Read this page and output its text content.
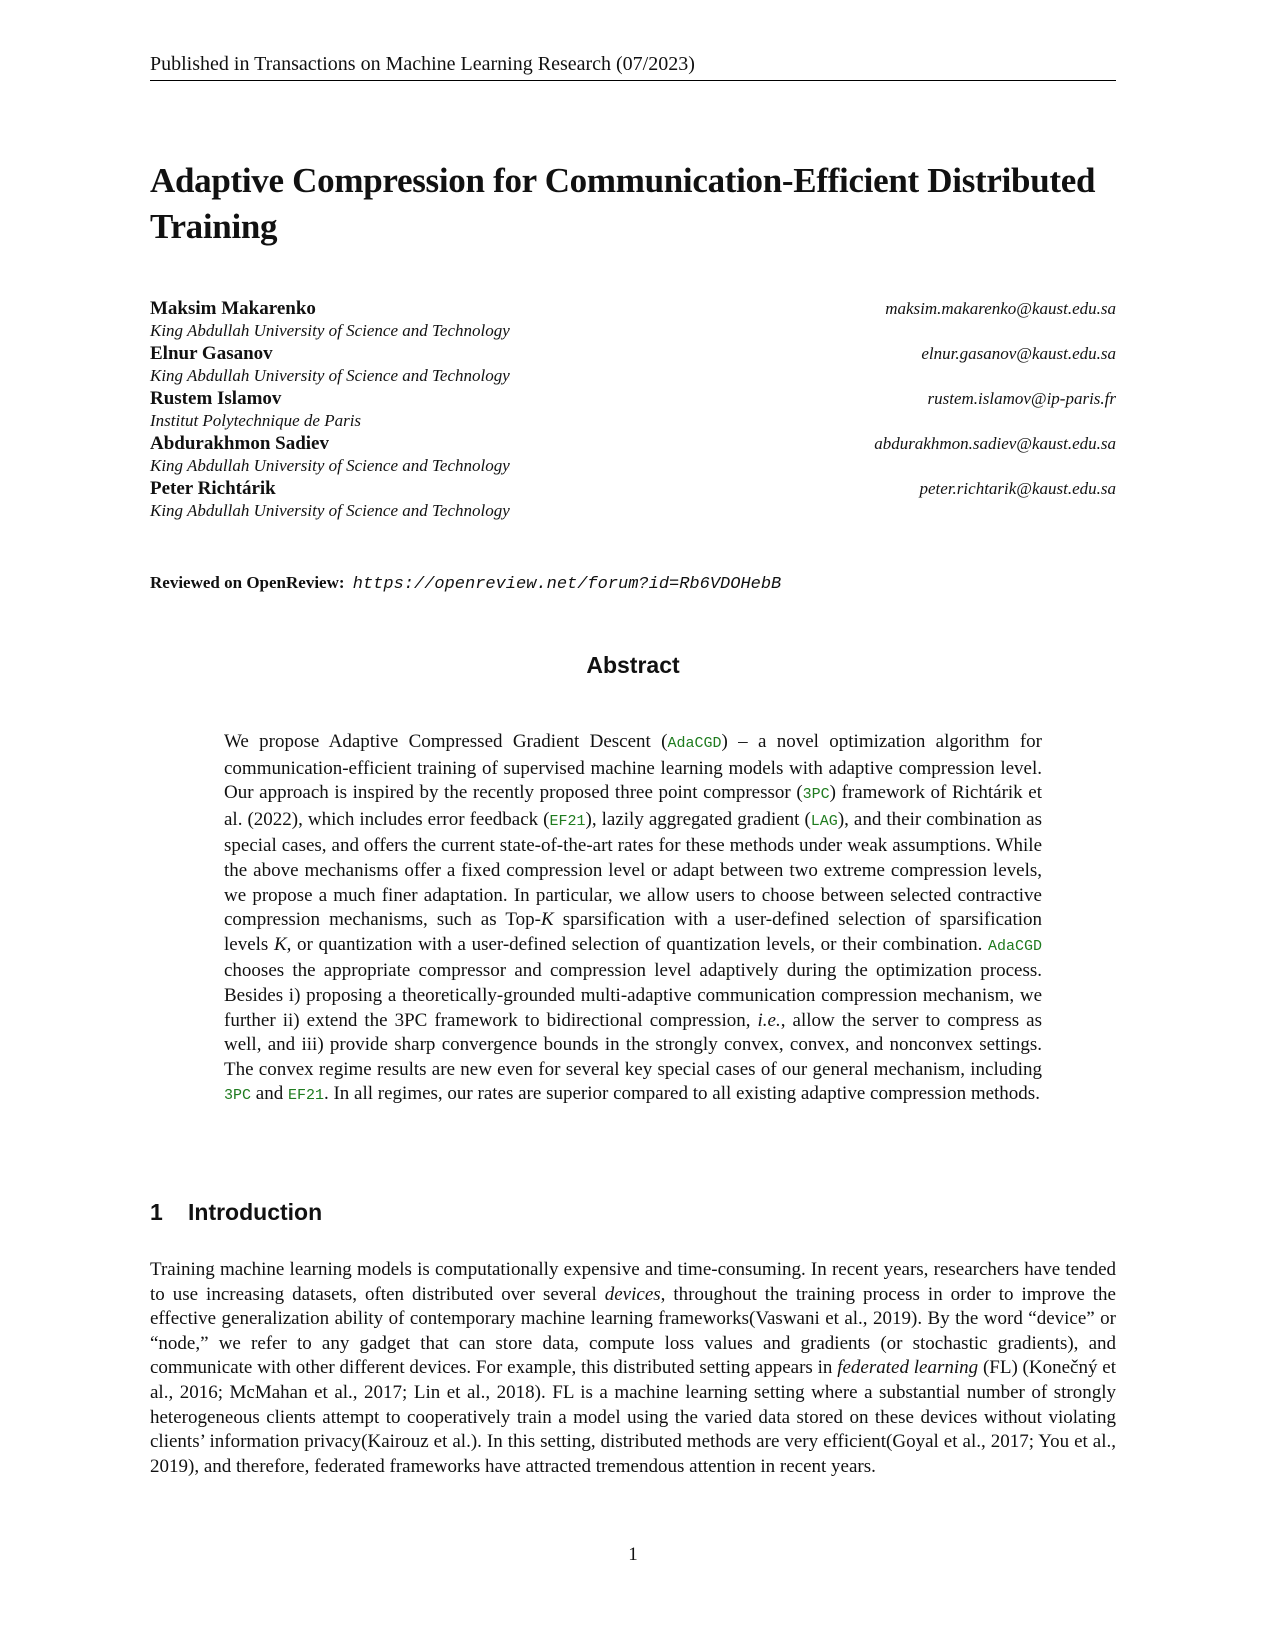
Published in Transactions on Machine Learning Research (07/2023)
Adaptive Compression for Communication-Efficient Distributed
Training
Maksim Makarenko
King Abdullah University of Science and Technology
maksim.makarenko@kaust.edu.sa
Elnur Gasanov
King Abdullah University of Science and Technology
elnur.gasanov@kaust.edu.sa
Rustem Islamov
Institut Polytechnique de Paris
rustem.islamov@ip-paris.fr
Abdurakhmon Sadiev
King Abdullah University of Science and Technology
abdurakhmon.sadiev@kaust.edu.sa
Peter Richtárik
King Abdullah University of Science and Technology
peter.richtarik@kaust.edu.sa
Reviewed on OpenReview: https://openreview.net/forum?id=Rb6VDOHebB
Abstract
We propose Adaptive Compressed Gradient Descent (AdaCGD) – a novel optimization algorithm for communication-efficient training of supervised machine learning models with adaptive compression level. Our approach is inspired by the recently proposed three point compressor (3PC) framework of Richtárik et al. (2022), which includes error feedback (EF21), lazily aggregated gradient (LAG), and their combination as special cases, and offers the current state-of-the-art rates for these methods under weak assumptions. While the above mechanisms offer a fixed compression level or adapt between two extreme compression levels, we propose a much finer adaptation. In particular, we allow users to choose between selected contractive compression mechanisms, such as Top-K sparsification with a user-defined selection of sparsification levels K, or quantization with a user-defined selection of quantization levels, or their combination. AdaCGD chooses the appropriate compressor and compression level adaptively during the optimization process. Besides i) proposing a theoretically-grounded multi-adaptive communication compression mechanism, we further ii) extend the 3PC framework to bidirectional compression, i.e., allow the server to compress as well, and iii) provide sharp convergence bounds in the strongly convex, convex, and nonconvex settings. The convex regime results are new even for several key special cases of our general mechanism, including 3PC and EF21. In all regimes, our rates are superior compared to all existing adaptive compression methods.
1 Introduction
Training machine learning models is computationally expensive and time-consuming. In recent years, researchers have tended to use increasing datasets, often distributed over several devices, throughout the training process in order to improve the effective generalization ability of contemporary machine learning frameworks(Vaswani et al., 2019). By the word “device” or “node,” we refer to any gadget that can store data, compute loss values and gradients (or stochastic gradients), and communicate with other different devices. For example, this distributed setting appears in federated learning (FL) (Konečný et al., 2016; McMahan et al., 2017; Lin et al., 2018). FL is a machine learning setting where a substantial number of strongly heterogeneous clients attempt to cooperatively train a model using the varied data stored on these devices without violating clients’ information privacy(Kairouz et al.). In this setting, distributed methods are very efficient(Goyal et al., 2017; You et al., 2019), and therefore, federated frameworks have attracted tremendous attention in recent years.
1
